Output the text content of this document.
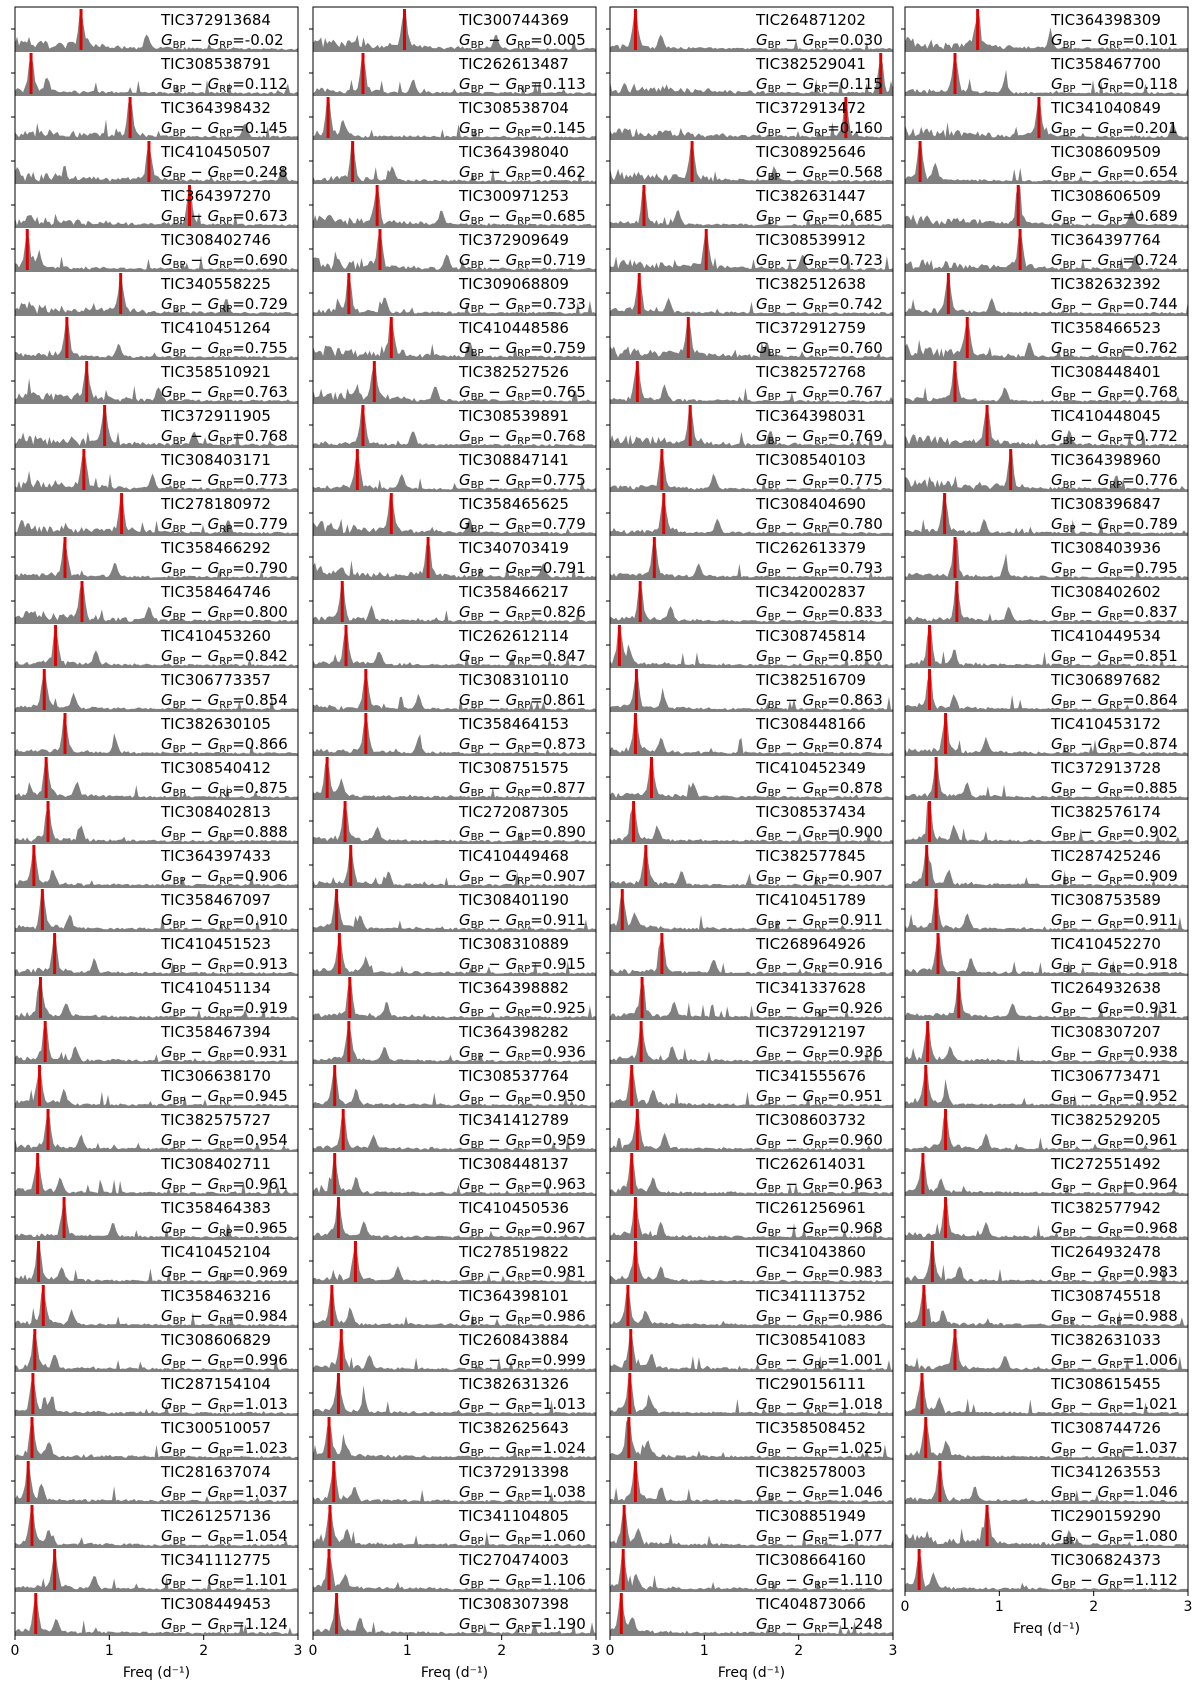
TIC372913684
$G_{BP} - G_{RP}=-0.02$
TIC308538791
$G_{BP} - G_{RP}=0.112$
TIC364398432
$G_{BP} - G_{RP}=0.145$
TIC410450507
$G_{BP} - G_{RP}=0.248$
TIC364397270
$G_{BP} - G_{RP}=0.673$
TIC308402746
$G_{BP} - G_{RP}=0.690$
TIC340558225
$G_{BP} - G_{RP}=0.729$
TIC410451264
$G_{BP} - G_{RP}=0.755$
TIC358510921
$G_{BP} - G_{RP}=0.763$
TIC372911905
$G_{BP} - G_{RP}=0.768$
TIC308403171
$G_{BP} - G_{RP}=0.773$
TIC278180972
$G_{BP} - G_{RP}=0.779$
TIC358466292
$G_{BP} - G_{RP}=0.790$
TIC358464746
$G_{BP} - G_{RP}=0.800$
TIC410453260
$G_{BP} - G_{RP}=0.842$
TIC306773357
$G_{BP} - G_{RP}=0.854$
TIC382630105
$G_{BP} - G_{RP}=0.866$
TIC308540412
$G_{BP} - G_{RP}=0.875$
TIC308402813
$G_{BP} - G_{RP}=0.888$
TIC364397433
$G_{BP} - G_{RP}=0.906$
TIC358467097
$G_{BP} - G_{RP}=0.910$
TIC410451523
$G_{BP} - G_{RP}=0.913$
TIC410451134
$G_{BP} - G_{RP}=0.919$
TIC358467394
$G_{BP} - G_{RP}=0.931$
TIC306638170
$G_{BP} - G_{RP}=0.945$
TIC382575727
$G_{BP} - G_{RP}=0.954$
TIC308402711
$G_{BP} - G_{RP}=0.961$
TIC358464383
$G_{BP} - G_{RP}=0.965$
TIC410452104
$G_{BP} - G_{RP}=0.969$
TIC358463216
$G_{BP} - G_{RP}=0.984$
TIC308606829
$G_{BP} - G_{RP}=0.996$
TIC287154104
$G_{BP} - G_{RP}=1.013$
TIC300510057
$G_{BP} - G_{RP}=1.023$
TIC281637074
$G_{BP} - G_{RP}=1.037$
TIC261257136
$G_{BP} - G_{RP}=1.054$
TIC341112775
$G_{BP} - G_{RP}=1.101$
TIC308449453
$G_{BP} - G_{RP}=1.124$
0	1	2	3
Freq (d⁻¹)
TIC300744369
$G_{BP} - G_{RP}=0.005$
TIC262613487
$G_{BP} - G_{RP}=0.113$
TIC308538704
$G_{BP} - G_{RP}=0.145$
TIC364398040
$G_{BP} - G_{RP}=0.462$
TIC300971253
$G_{BP} - G_{RP}=0.685$
TIC372909649
$G_{BP} - G_{RP}=0.719$
TIC309068809
$G_{BP} - G_{RP}=0.733$
TIC410448586
$G_{BP} - G_{RP}=0.759$
TIC382527526
$G_{BP} - G_{RP}=0.765$
TIC308539891
$G_{BP} - G_{RP}=0.768$
TIC308847141
$G_{BP} - G_{RP}=0.775$
TIC358465625
$G_{BP} - G_{RP}=0.779$
TIC340703419
$G_{BP} - G_{RP}=0.791$
TIC358466217
$G_{BP} - G_{RP}=0.826$
TIC262612114
$G_{BP} - G_{RP}=0.847$
TIC308310110
$G_{BP} - G_{RP}=0.861$
TIC358464153
$G_{BP} - G_{RP}=0.873$
TIC308751575
$G_{BP} - G_{RP}=0.877$
TIC272087305
$G_{BP} - G_{RP}=0.890$
TIC410449468
$G_{BP} - G_{RP}=0.907$
TIC308401190
$G_{BP} - G_{RP}=0.911$
TIC308310889
$G_{BP} - G_{RP}=0.915$
TIC364398882
$G_{BP} - G_{RP}=0.925$
TIC364398282
$G_{BP} - G_{RP}=0.936$
TIC308537764
$G_{BP} - G_{RP}=0.950$
TIC341412789
$G_{BP} - G_{RP}=0.959$
TIC308448137
$G_{BP} - G_{RP}=0.963$
TIC410450536
$G_{BP} - G_{RP}=0.967$
TIC278519822
$G_{BP} - G_{RP}=0.981$
TIC364398101
$G_{BP} - G_{RP}=0.986$
TIC260843884
$G_{BP} - G_{RP}=0.999$
TIC382631326
$G_{BP} - G_{RP}=1.013$
TIC382625643
$G_{BP} - G_{RP}=1.024$
TIC372913398
$G_{BP} - G_{RP}=1.038$
TIC341104805
$G_{BP} - G_{RP}=1.060$
TIC270474003
$G_{BP} - G_{RP}=1.106$
TIC308307398
$G_{BP} - G_{RP}=1.190$
0	1	2	3
Freq (d⁻¹)
TIC264871202
$G_{BP} - G_{RP}=0.030$
TIC382529041
$G_{BP} - G_{RP}=0.115$
TIC372913472
$G_{BP} - G_{RP}=0.160$
TIC308925646
$G_{BP} - G_{RP}=0.568$
TIC382631447
$G_{BP} - G_{RP}=0.685$
TIC308539912
$G_{BP} - G_{RP}=0.723$
TIC382512638
$G_{BP} - G_{RP}=0.742$
TIC372912759
$G_{BP} - G_{RP}=0.760$
TIC382572768
$G_{BP} - G_{RP}=0.767$
TIC364398031
$G_{BP} - G_{RP}=0.769$
TIC308540103
$G_{BP} - G_{RP}=0.775$
TIC308404690
$G_{BP} - G_{RP}=0.780$
TIC262613379
$G_{BP} - G_{RP}=0.793$
TIC342002837
$G_{BP} - G_{RP}=0.833$
TIC308745814
$G_{BP} - G_{RP}=0.850$
TIC382516709
$G_{BP} - G_{RP}=0.863$
TIC308448166
$G_{BP} - G_{RP}=0.874$
TIC410452349
$G_{BP} - G_{RP}=0.878$
TIC308537434
$G_{BP} - G_{RP}=0.900$
TIC382577845
$G_{BP} - G_{RP}=0.907$
TIC410451789
$G_{BP} - G_{RP}=0.911$
TIC268964926
$G_{BP} - G_{RP}=0.916$
TIC341337628
$G_{BP} - G_{RP}=0.926$
TIC372912197
$G_{BP} - G_{RP}=0.936$
TIC341555676
$G_{BP} - G_{RP}=0.951$
TIC308603732
$G_{BP} - G_{RP}=0.960$
TIC262614031
$G_{BP} - G_{RP}=0.963$
TIC261256961
$G_{BP} - G_{RP}=0.968$
TIC341043860
$G_{BP} - G_{RP}=0.983$
TIC341113752
$G_{BP} - G_{RP}=0.986$
TIC308541083
$G_{BP} - G_{RP}=1.001$
TIC290156111
$G_{BP} - G_{RP}=1.018$
TIC358508452
$G_{BP} - G_{RP}=1.025$
TIC382578003
$G_{BP} - G_{RP}=1.046$
TIC308851949
$G_{BP} - G_{RP}=1.077$
TIC308664160
$G_{BP} - G_{RP}=1.110$
TIC404873066
$G_{BP} - G_{RP}=1.248$
0	1	2	3
Freq (d⁻¹)
TIC364398309
$G_{BP} - G_{RP}=0.101$
TIC358467700
$G_{BP} - G_{RP}=0.118$
TIC341040849
$G_{BP} - G_{RP}=0.201$
TIC308609509
$G_{BP} - G_{RP}=0.654$
TIC308606509
$G_{BP} - G_{RP}=0.689$
TIC364397764
$G_{BP} - G_{RP}=0.724$
TIC382632392
$G_{BP} - G_{RP}=0.744$
TIC358466523
$G_{BP} - G_{RP}=0.762$
TIC308448401
$G_{BP} - G_{RP}=0.768$
TIC410448045
$G_{BP} - G_{RP}=0.772$
TIC364398960
$G_{BP} - G_{RP}=0.776$
TIC308396847
$G_{BP} - G_{RP}=0.789$
TIC308403936
$G_{BP} - G_{RP}=0.795$
TIC308402602
$G_{BP} - G_{RP}=0.837$
TIC410449534
$G_{BP} - G_{RP}=0.851$
TIC306897682
$G_{BP} - G_{RP}=0.864$
TIC410453172
$G_{BP} - G_{RP}=0.874$
TIC372913728
$G_{BP} - G_{RP}=0.885$
TIC382576174
$G_{BP} - G_{RP}=0.902$
TIC287425246
$G_{BP} - G_{RP}=0.909$
TIC308753589
$G_{BP} - G_{RP}=0.911$
TIC410452270
$G_{BP} - G_{RP}=0.918$
TIC264932638
$G_{BP} - G_{RP}=0.931$
TIC308307207
$G_{BP} - G_{RP}=0.938$
TIC306773471
$G_{BP} - G_{RP}=0.952$
TIC382529205
$G_{BP} - G_{RP}=0.961$
TIC272551492
$G_{BP} - G_{RP}=0.964$
TIC382577942
$G_{BP} - G_{RP}=0.968$
TIC264932478
$G_{BP} - G_{RP}=0.983$
TIC308745518
$G_{BP} - G_{RP}=0.988$
TIC382631033
$G_{BP} - G_{RP}=1.006$
TIC308615455
$G_{BP} - G_{RP}=1.021$
TIC308744726
$G_{BP} - G_{RP}=1.037$
TIC341263553
$G_{BP} - G_{RP}=1.046$
TIC290159290
$G_{BP} - G_{RP}=1.080$
TIC306824373
$G_{BP} - G_{RP}=1.112$
0	1	2	3
Freq (d⁻¹)
